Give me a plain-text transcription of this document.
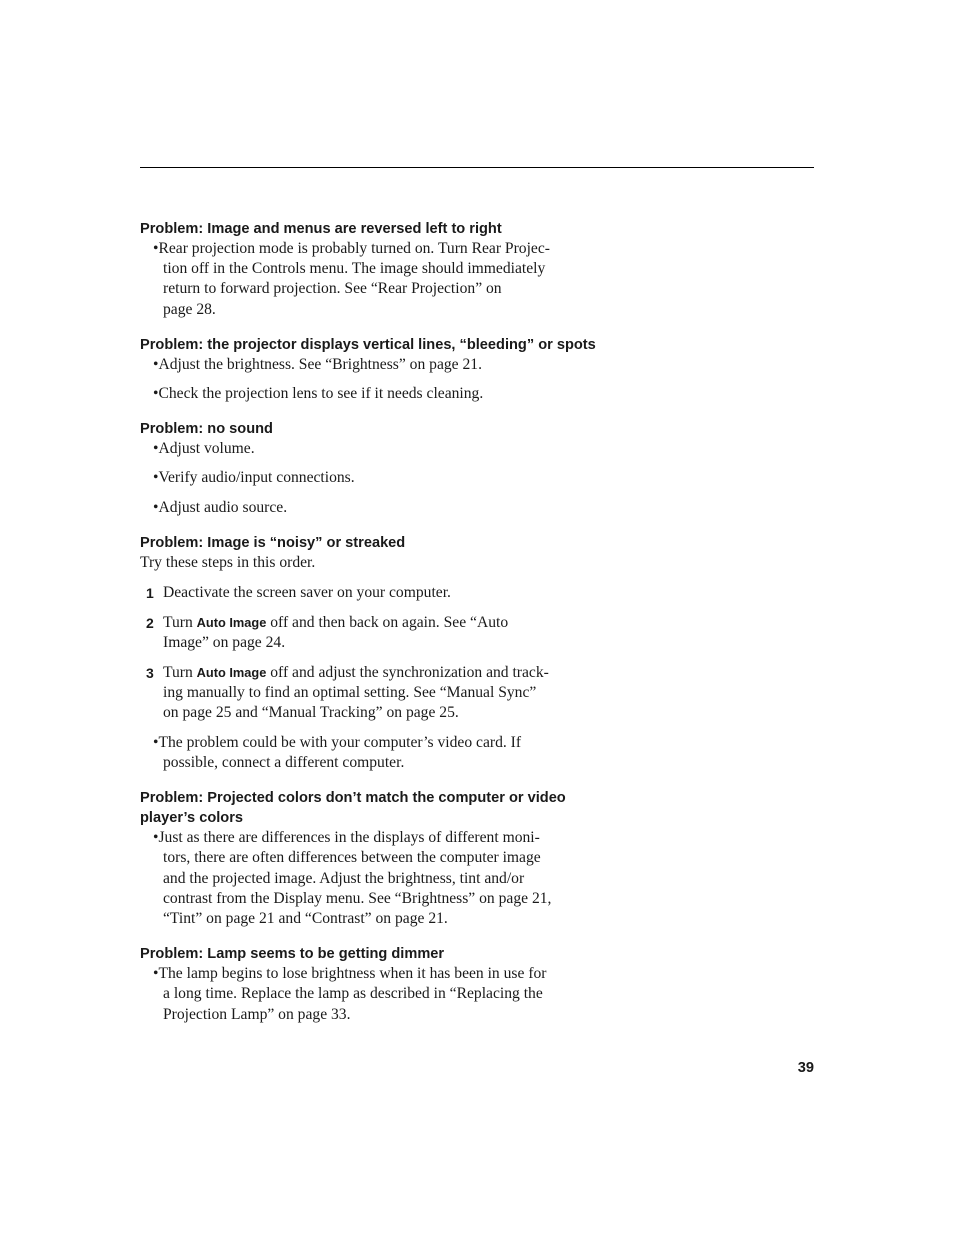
Problem: Image and menus are reversed left to right

•Rear projection mode is probably turned on. Turn Rear Projec-
tion off in the Controls menu. The image should immediately
return to forward projection. See “Rear Projection” on
page 28.

Problem: the projector displays vertical lines, “bleeding” or spots

•Adjust the brightness. See “Brightness” on page 21.

•Check the projection lens to see if it needs cleaning.

Problem: no sound

•Adjust volume.

•Verify audio/input connections.

•Adjust audio source.

Problem: Image is “noisy” or streaked

Try these steps in this order.

1 Deactivate the screen saver on your computer.
2 Turn Auto Image off and then back on again. See “Auto
Image” on page 24.
3 Turn Auto Image off and adjust the synchronization and track-
ing manually to find an optimal setting. See “Manual Sync”
on page 25 and “Manual Tracking” on page 25.

•The problem could be with your computer’s video card. If
possible, connect a different computer.

Problem: Projected colors don’t match the computer or video player’s colors

•Just as there are differences in the displays of different moni-
tors, there are often differences between the computer image
and the projected image. Adjust the brightness, tint and/or
contrast from the Display menu. See “Brightness” on page 21,
“Tint” on page 21 and “Contrast” on page 21.

Problem: Lamp seems to be getting dimmer

•The lamp begins to lose brightness when it has been in use for
a long time. Replace the lamp as described in “Replacing the
Projection Lamp” on page 33.

39
